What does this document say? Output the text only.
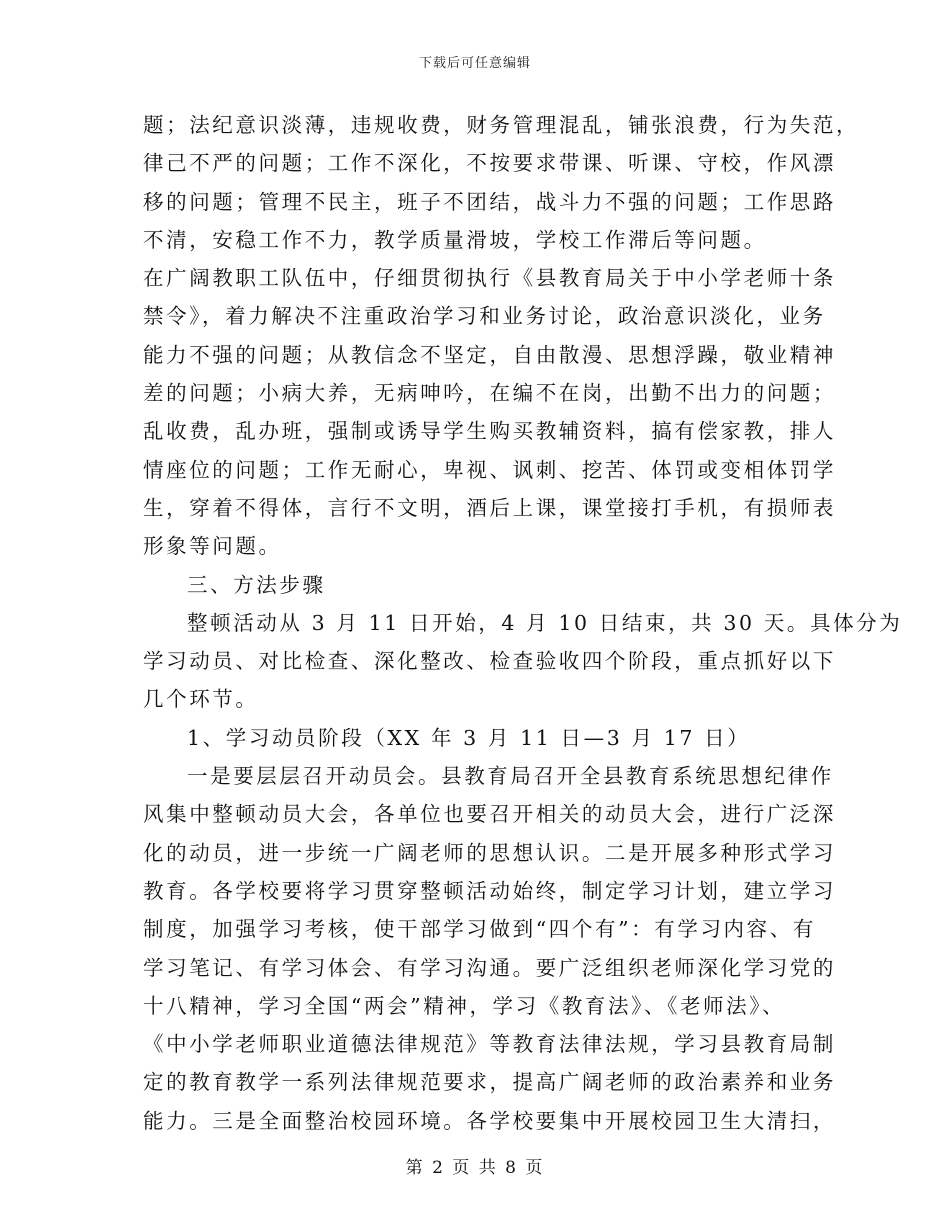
下载后可任意编辑
题；法纪意识淡薄，违规收费，财务管理混乱，铺张浪费，行为失范，
律己不严的问题；工作不深化，不按要求带课、听课、守校，作风漂
移的问题；管理不民主，班子不团结，战斗力不强的问题；工作思路
不清，安稳工作不力，教学质量滑坡，学校工作滞后等问题。
在广阔教职工队伍中，仔细贯彻执行《县教育局关于中小学老师十条
禁令》，着力解决不注重政治学习和业务讨论，政治意识淡化，业务
能力不强的问题；从教信念不坚定，自由散漫、思想浮躁，敬业精神
差的问题；小病大养，无病呻吟，在编不在岗，出勤不出力的问题；
乱收费，乱办班，强制或诱导学生购买教辅资料，搞有偿家教，排人
情座位的问题；工作无耐心，卑视、讽刺、挖苦、体罚或变相体罚学
生，穿着不得体，言行不文明，酒后上课，课堂接打手机，有损师表
形象等问题。
三、方法步骤
整顿活动从 3 月 11 日开始，4 月 10 日结束，共 30 天。具体分为
学习动员、对比检查、深化整改、检查验收四个阶段，重点抓好以下
几个环节。
1、学习动员阶段（XX 年 3 月 11 日—3 月 17 日）
一是要层层召开动员会。县教育局召开全县教育系统思想纪律作
风集中整顿动员大会，各单位也要召开相关的动员大会，进行广泛深
化的动员，进一步统一广阔老师的思想认识。二是开展多种形式学习
教育。各学校要将学习贯穿整顿活动始终，制定学习计划，建立学习
制度，加强学习考核，使干部学习做到“四个有”：有学习内容、有
学习笔记、有学习体会、有学习沟通。要广泛组织老师深化学习党的
十八精神，学习全国“两会”精神，学习《教育法》、《老师法》、
《中小学老师职业道德法律规范》等教育法律法规，学习县教育局制
定的教育教学一系列法律规范要求，提高广阔老师的政治素养和业务
能力。三是全面整治校园环境。各学校要集中开展校园卫生大清扫，
第 2 页 共 8 页
